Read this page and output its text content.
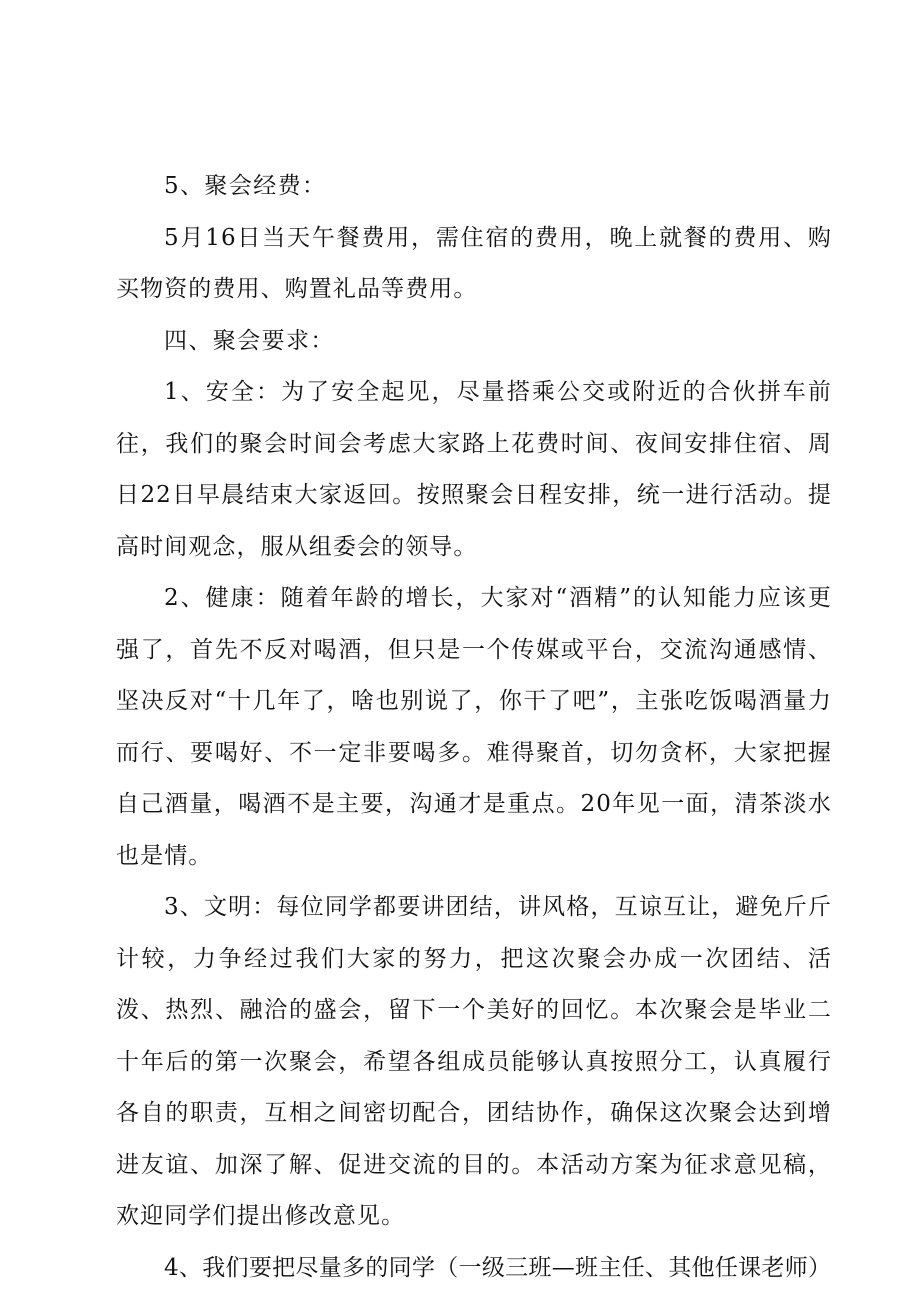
5、聚会经费：

5月16日当天午餐费用，需住宿的费用，晚上就餐的费用、购买物资的费用、购置礼品等费用。

四、聚会要求：

1、安全：为了安全起见，尽量搭乘公交或附近的合伙拼车前往，我们的聚会时间会考虑大家路上花费时间、夜间安排住宿、周日22日早晨结束大家返回。按照聚会日程安排，统一进行活动。提高时间观念，服从组委会的领导。

2、健康：随着年龄的增长，大家对“酒精”的认知能力应该更强了，首先不反对喝酒，但只是一个传媒或平台，交流沟通感情、坚决反对“十几年了，啥也别说了，你干了吧”，主张吃饭喝酒量力而行、要喝好、不一定非要喝多。难得聚首，切勿贪杯，大家把握自己酒量，喝酒不是主要，沟通才是重点。20年见一面，清茶淡水也是情。

3、文明：每位同学都要讲团结，讲风格，互谅互让，避免斤斤计较，力争经过我们大家的努力，把这次聚会办成一次团结、活泼、热烈、融洽的盛会，留下一个美好的回忆。本次聚会是毕业二十年后的第一次聚会，希望各组成员能够认真按照分工，认真履行各自的职责，互相之间密切配合，团结协作，确保这次聚会达到增进友谊、加深了解、促进交流的目的。本活动方案为征求意见稿，欢迎同学们提出修改意见。

4、我们要把尽量多的同学（一级三班—班主任、其他任课老师）
